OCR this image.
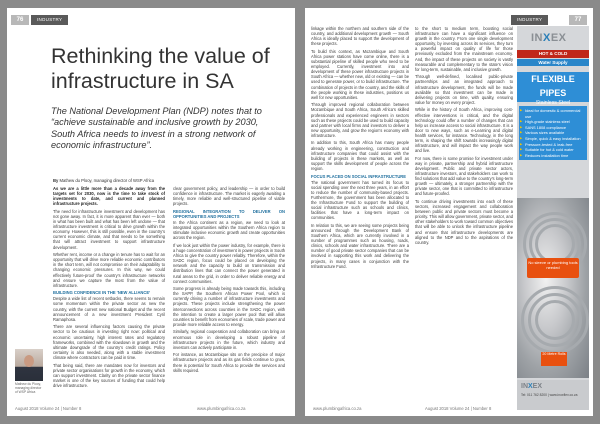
76	INDUSTRY MATTERS
Rethinking the value of infrastructure in SA

The National Development Plan (NDP) notes that to “achieve sustainable and inclusive growth by 2030, South Africa needs to invest in a strong network of economic infrastructure”.

By Mathew du Plooy, managing director of WSP Africa

As we are a little more than a decade away from the targets set for 2030, now is the time to take stock of investments to date, and current and planned infrastructure projects.

The need for infrastructure investment and development has not gone away. In fact, it is more apparent than ever — both in what has been built and what has been left undone — that infrastructure investment is critical to drive growth within the economy. However, this is still possible, even in the country’s current economic climate, and that needs to be something that will attract investment to support infrastructure development.

Whether rent, income or a change in tenure has to wait for an opportunity that will drive more reliable economic contributors in the short term, will not compromise on their adaptability to changing economic pressures. In this way, we could effectively future-proof the country’s infrastructure networks and ensure we capture the most from the value of infrastructure.

BUILDING CONFIDENCE IN THE ‘NEW ALLIANCE’

Despite a wide list of recent setbacks, there seems to remain some momentum within the private sector as new the country, with the current new national Budget and the recent announcement of a new investment President Cyril Ramaphosa.

There are several influencing factors causing the private sector to be cautious in investing right now: political and economic uncertainty, high interest rates and regulatory frameworks, combined with the slowdown in growth and the ultimate downgrade of the country’s credit ratings. Policy certainty is also needed, along with a stable investment climate where contractors can be paid in time.

That being said, there are mandates now for investors and private sector organisations for growth in the economy, which can support investment. Clarity on the private sector finance market is one of the key sources of funding that could help drive infrastructure.

clear government policy, and leadership — in order to build confidence in infrastructure. The market is eagerly awaiting a timely, more reliable and well-structured pipeline of viable projects.

REGIONAL INTEGRATION TO DELIVER ON OPPORTUNITIES AND PROJECTS

In the Africa continent as a region, we need to look at integrated opportunities within the Southern Africa region to stimulate inclusive economic growth and create opportunities across the region.

If we look just within the power industry, for example, there is a huge concentration of investment in power projects in South Africa to give the country power reliably. Therefore, within the SADC region, focus could be placed on developing the network and the capacity to build on transmission and distribution lines that can connect the power generated in rural areas to the grid, in order to deliver reliable energy and connect communities.

Some progress is already being made towards this, including the SAPP, the Southern African Power Pool, which is currently driving a number of infrastructure investments and projects. These projects include strengthening the power interconnections across countries in the SADC region, with the intention to create a larger power pool that will allow countries to benefit from economies of scale, trade power and provide more reliable access to energy.

Similarly, regional cooperation and collaboration can bring an enormous role in developing a robust pipeline of infrastructure projects in the future, which industry and investors can actively participate in.

For instance, as Mozambique sits on the precipice of major infrastructure projects and as its gas fields continue to grow, there is potential for South Africa to provide the services and skills required.

Mathew du Plooy, managing director of WSP Africa
August 2018 Volume 24 | Number 8	www.plumbingafrica.co.za
INDUSTRY	77

linkage within the northern and southern side of the country, and additional development growth — South Africa is ideally placed to support the development of these projects.

To build this context, as Mozambique and South Africa power stations have come online, there is a substantial pipeline of skilled people who need to be employed. Currently, investment into and development of these power infrastructure projects in South Africa — whether new, old or existing — can be used to generate power, or to build infrastructure. The combination of projects in the country, and the skills of the people working in these industries, positions us well for new opportunities.

Through improved regional collaboration between Mozambique and South Africa, South Africa’s skilled professionals and experienced engineers in sectors such as these projects could be used to build capacity and partner with local firms and investors to deliver a new opportunity, and grow the region’s economy with infrastructure.

In addition to this, South Africa has many people already working in engineering, construction and infrastructure companies that could assist with the building of projects in these markets, as well as support the skills development of people across the region.

FOCUS PLACED ON SOCIAL INFRASTRUCTURE

The national government has turned its focus to social spending over the next three years, in an effort to reduce the number of community-based projects. Furthermore, the government has been allocated to the Infrastructure Fund to support the building of social infrastructure such as schools and clinics, facilities that have a long-term impact on communities.

In relation to this, we are seeing some projects being announced through the Development Bank of Southern Africa, which are currently involved in a number of programmes such as housing, roads, clinics, schools and water infrastructure. There are a number of good private sector companies that can be involved in supporting this work and delivering the projects, in many cases in conjunction with the Infrastructure Fund.

to the short to medium term, boosting social infrastructure can have a significant influence on growth in the country. From one single development opportunity, by investing across its services, they turn a powerful impact on quality of life for those previously excluded from the mainstream economy. And, the impact of these projects on society is vastly measurable and complementary to the state’s vision for long-term, sustainable, and inclusive growth.

Through well-defined, localised public-private partnerships and an integrated approach to infrastructure development, the funds will be made available so that investment can be made in delivering projects on time, with quality, ensuring value for money on every project.

While in the history of South Africa, improving cost-effective interventions is critical, and the digital technology could offer a number of changes that can help us increase access to social infrastructure. It is a door to new ways, such as e-Learning and digital health services, for instance. Technology, in the long term, is shaping the shift towards increasingly digital infrastructure, and will impact the way people work and live.

For now, there is some promise for investment under way in private, partnership and hybrid infrastructure development. Public and private sector actors, infrastructure investors, and stakeholders can work to find solutions that add value to the country’s long-term growth — ultimately, a stronger partnership with the private sector, one that is committed to infrastructure and future-proofed.

To continue driving investments into each of these sectors, increased engagement and collaboration between public and private sectors must become a priority. This will allow government, private sector, and other stakeholders to work toward common objectives that will be able to unlock the infrastructure pipeline and ensure that infrastructure developments are aligned to the NDP and to the aspirations of the country.

INXEX
HOT & COLD
Water Supply
FLEXIBLE PIPES
Stainless Steel
▶ Ideal for domestic & commercial use
▶ High-grade stainless steel
▶ SANS 1808 compliance
▶ Various sizes available
▶ Simple, quick & easy installation
▶ Pressure-tested & leak-free
▶ Suitable for hot & cold water
▶ Reduces installation time
No sleeve or plumbing tools needed
20 Metre Rolls
INXEX
Tel: 011 762 8200 | www.inoxflex.co.za
www.plumbingafrica.co.za	August 2018 Volume 24 | Number 8
